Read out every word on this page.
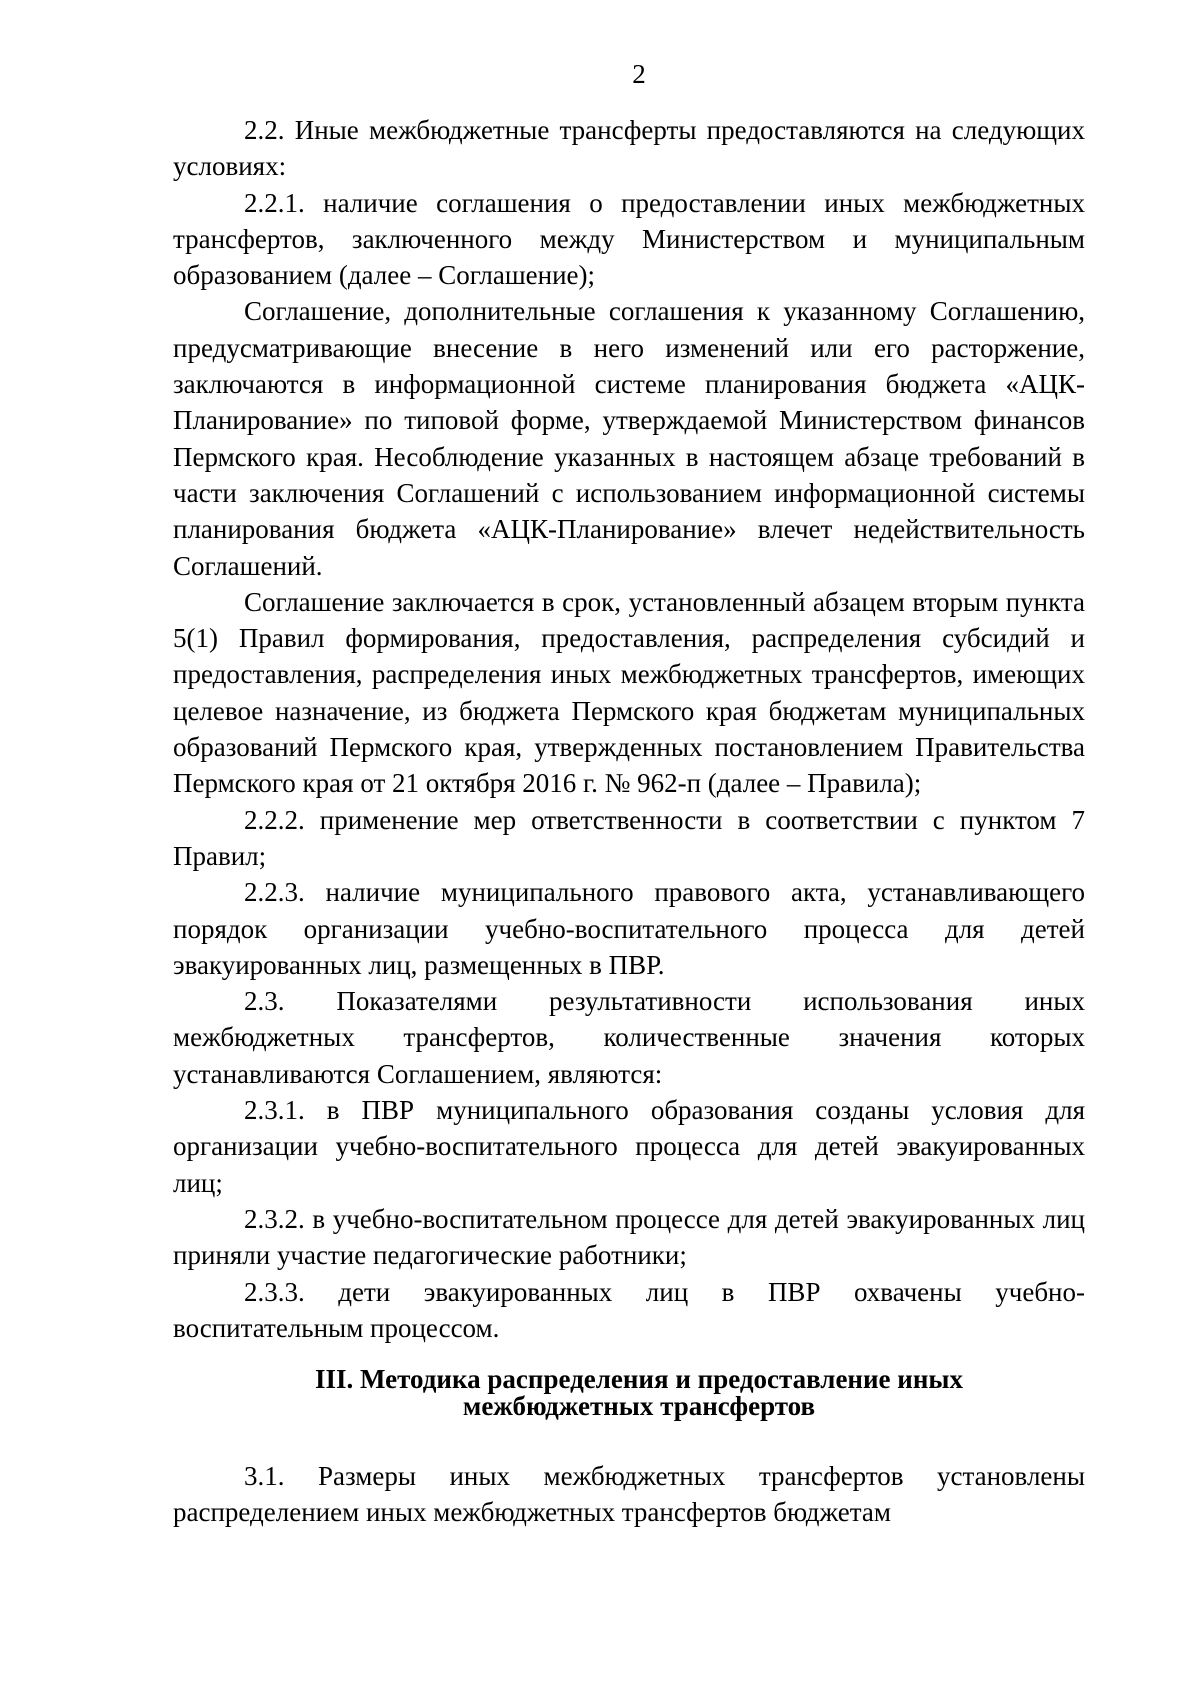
2

2.2. Иные межбюджетные трансферты предоставляются на следующих условиях:

2.2.1. наличие соглашения о предоставлении иных межбюджетных трансфертов, заключенного между Министерством и муниципальным образованием (далее – Соглашение);

Соглашение, дополнительные соглашения к указанному Соглашению, предусматривающие внесение в него изменений или его расторжение, заключаются в информационной системе планирования бюджета «АЦК-Планирование» по типовой форме, утверждаемой Министерством финансов Пермского края. Несоблюдение указанных в настоящем абзаце требований в части заключения Соглашений с использованием информационной системы планирования бюджета «АЦК-Планирование» влечет недействительность Соглашений.

Соглашение заключается в срок, установленный абзацем вторым пункта 5(1) Правил формирования, предоставления, распределения субсидий и предоставления, распределения иных межбюджетных трансфертов, имеющих целевое назначение, из бюджета Пермского края бюджетам муниципальных образований Пермского края, утвержденных постановлением Правительства Пермского края от 21 октября 2016 г. № 962-п (далее – Правила);

2.2.2. применение мер ответственности в соответствии с пунктом 7 Правил;

2.2.3. наличие муниципального правового акта, устанавливающего порядок организации учебно-воспитательного процесса для детей эвакуированных лиц, размещенных в ПВР.

2.3. Показателями результативности использования иных межбюджетных трансфертов, количественные значения которых устанавливаются Соглашением, являются:

2.3.1. в ПВР муниципального образования созданы условия для организации учебно-воспитательного процесса для детей эвакуированных лиц;

2.3.2. в учебно-воспитательном процессе для детей эвакуированных лиц приняли участие педагогические работники;

2.3.3. дети эвакуированных лиц в ПВР охвачены учебно-воспитательным процессом.

III. Методика распределения и предоставление иных
межбюджетных трансфертов

3.1. Размеры иных межбюджетных трансфертов установлены распределением иных межбюджетных трансфертов бюджетам
